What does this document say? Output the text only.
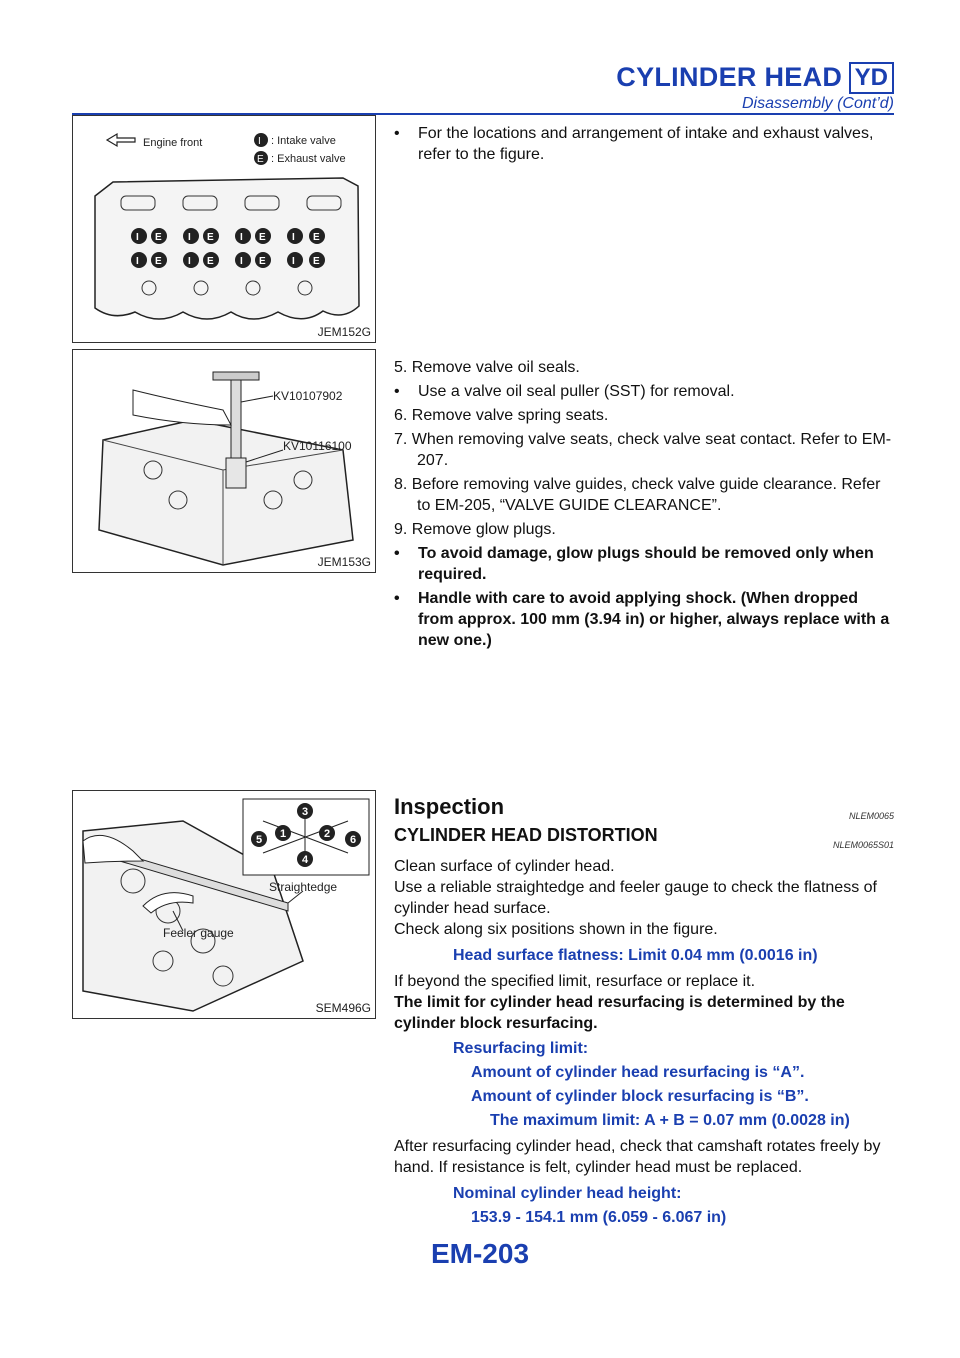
CYLINDER HEAD YD
Disassembly (Cont’d)
Engine front	I : Intake valve
E : Exhaust valve
I E	I E	I E	I E
I E	I E	I E	I E
JEM152G
KV10107902
KV10116100
JEM153G
Straightedge
Feeler gauge
3
1	2
5	6
4
SEM496G

• For the locations and arrangement of intake and exhaust valves, refer to the figure.

5. Remove valve oil seals.

• Use a valve oil seal puller (SST) for removal.

6. Remove valve spring seats.

7. When removing valve seats, check valve seat contact. Refer to EM-207.

8. Before removing valve guides, check valve guide clearance. Refer to EM-205, “VALVE GUIDE CLEARANCE”.

9. Remove glow plugs.

• To avoid damage, glow plugs should be removed only when required.

• Handle with care to avoid applying shock. (When dropped from approx. 100 mm (3.94 in) or higher, always replace with a new one.)

Inspection	NLEM0065
CYLINDER HEAD DISTORTION	NLEM0065S01

Clean surface of cylinder head.

Use a reliable straightedge and feeler gauge to check the flatness of cylinder head surface.

Check along six positions shown in the figure.

Head surface flatness: Limit 0.04 mm (0.0016 in)

If beyond the specified limit, resurface or replace it.

The limit for cylinder head resurfacing is determined by the cylinder block resurfacing.

Resurfacing limit:

Amount of cylinder head resurfacing is “A”.

Amount of cylinder block resurfacing is “B”.

The maximum limit: A + B = 0.07 mm (0.0028 in)

After resurfacing cylinder head, check that camshaft rotates freely by hand. If resistance is felt, cylinder head must be replaced.

Nominal cylinder head height:

153.9 - 154.1 mm (6.059 - 6.067 in)

EM-203
